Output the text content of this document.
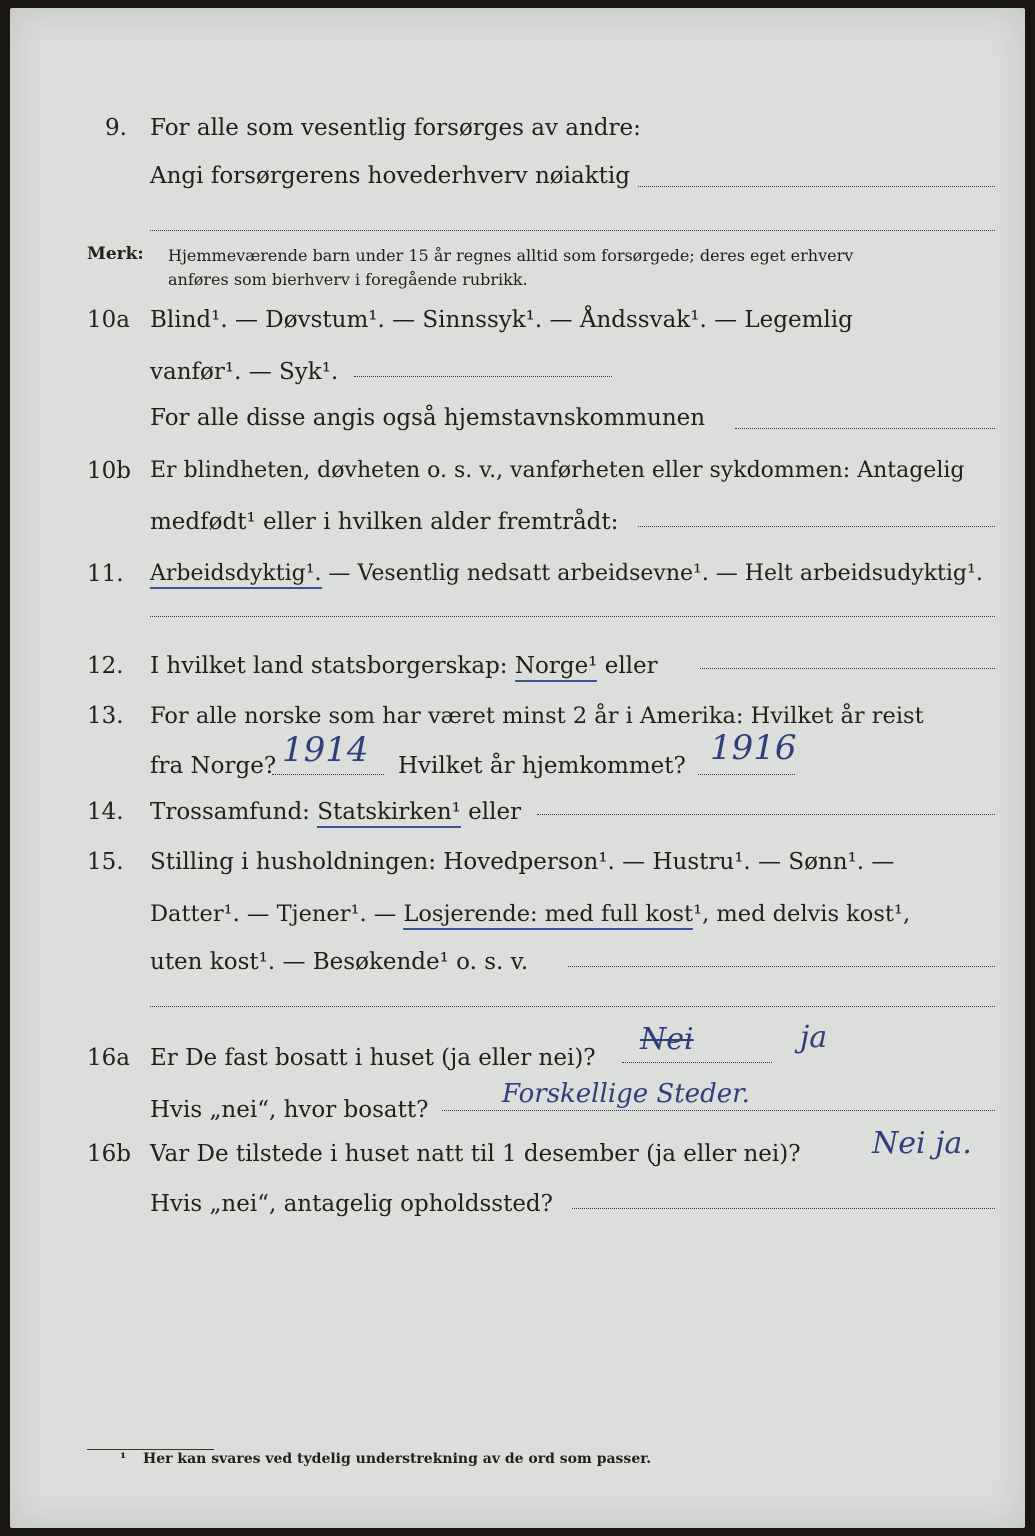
9.	For alle som vesentlig forsørges av andre:
Angi forsørgerens hovederhverv nøiaktig
Merk: Hjemmeværende barn under 15 år regnes alltid som forsørgede; deres eget erhverv
anføres som bierhverv i foregående rubrikk.
10a Blind¹. — Døvstum¹. — Sinnssyk¹. — Åndssvak¹. — Legemlig
vanfør¹. — Syk¹.
For alle disse angis også hjemstavnskommunen
10b Er blindheten, døvheten o. s. v., vanførheten eller sykdommen: Antagelig
medfødt¹ eller i hvilken alder fremtrådt:
11.	Arbeidsdyktig¹. — Vesentlig nedsatt arbeidsevne¹. — Helt arbeidsudyktig¹.
12.	I hvilket land statsborgerskap: Norge¹ eller
13.	For alle norske som har været minst 2 år i Amerika: Hvilket år reist
fra Norge?	Hvilket år hjemkommet?
1914	1916
14.	Trossamfund: Statskirken¹ eller
15.	Stilling i husholdningen: Hovedperson¹. — Hustru¹. — Sønn¹. —
Datter¹. — Tjener¹. — Losjerende: med full kost¹, med delvis kost¹,
uten kost¹. — Besøkende¹ o. s. v.
16a Er De fast bosatt i huset (ja eller nei)?
Nei	ja
Hvis „nei“, hvor bosatt?
Forskellige Steder.
16b Var De tilstede i huset natt til 1 desember (ja eller nei)? Nei ja.
Hvis „nei“, antagelig opholdssted?
¹ Her kan svares ved tydelig understrekning av de ord som passer.
